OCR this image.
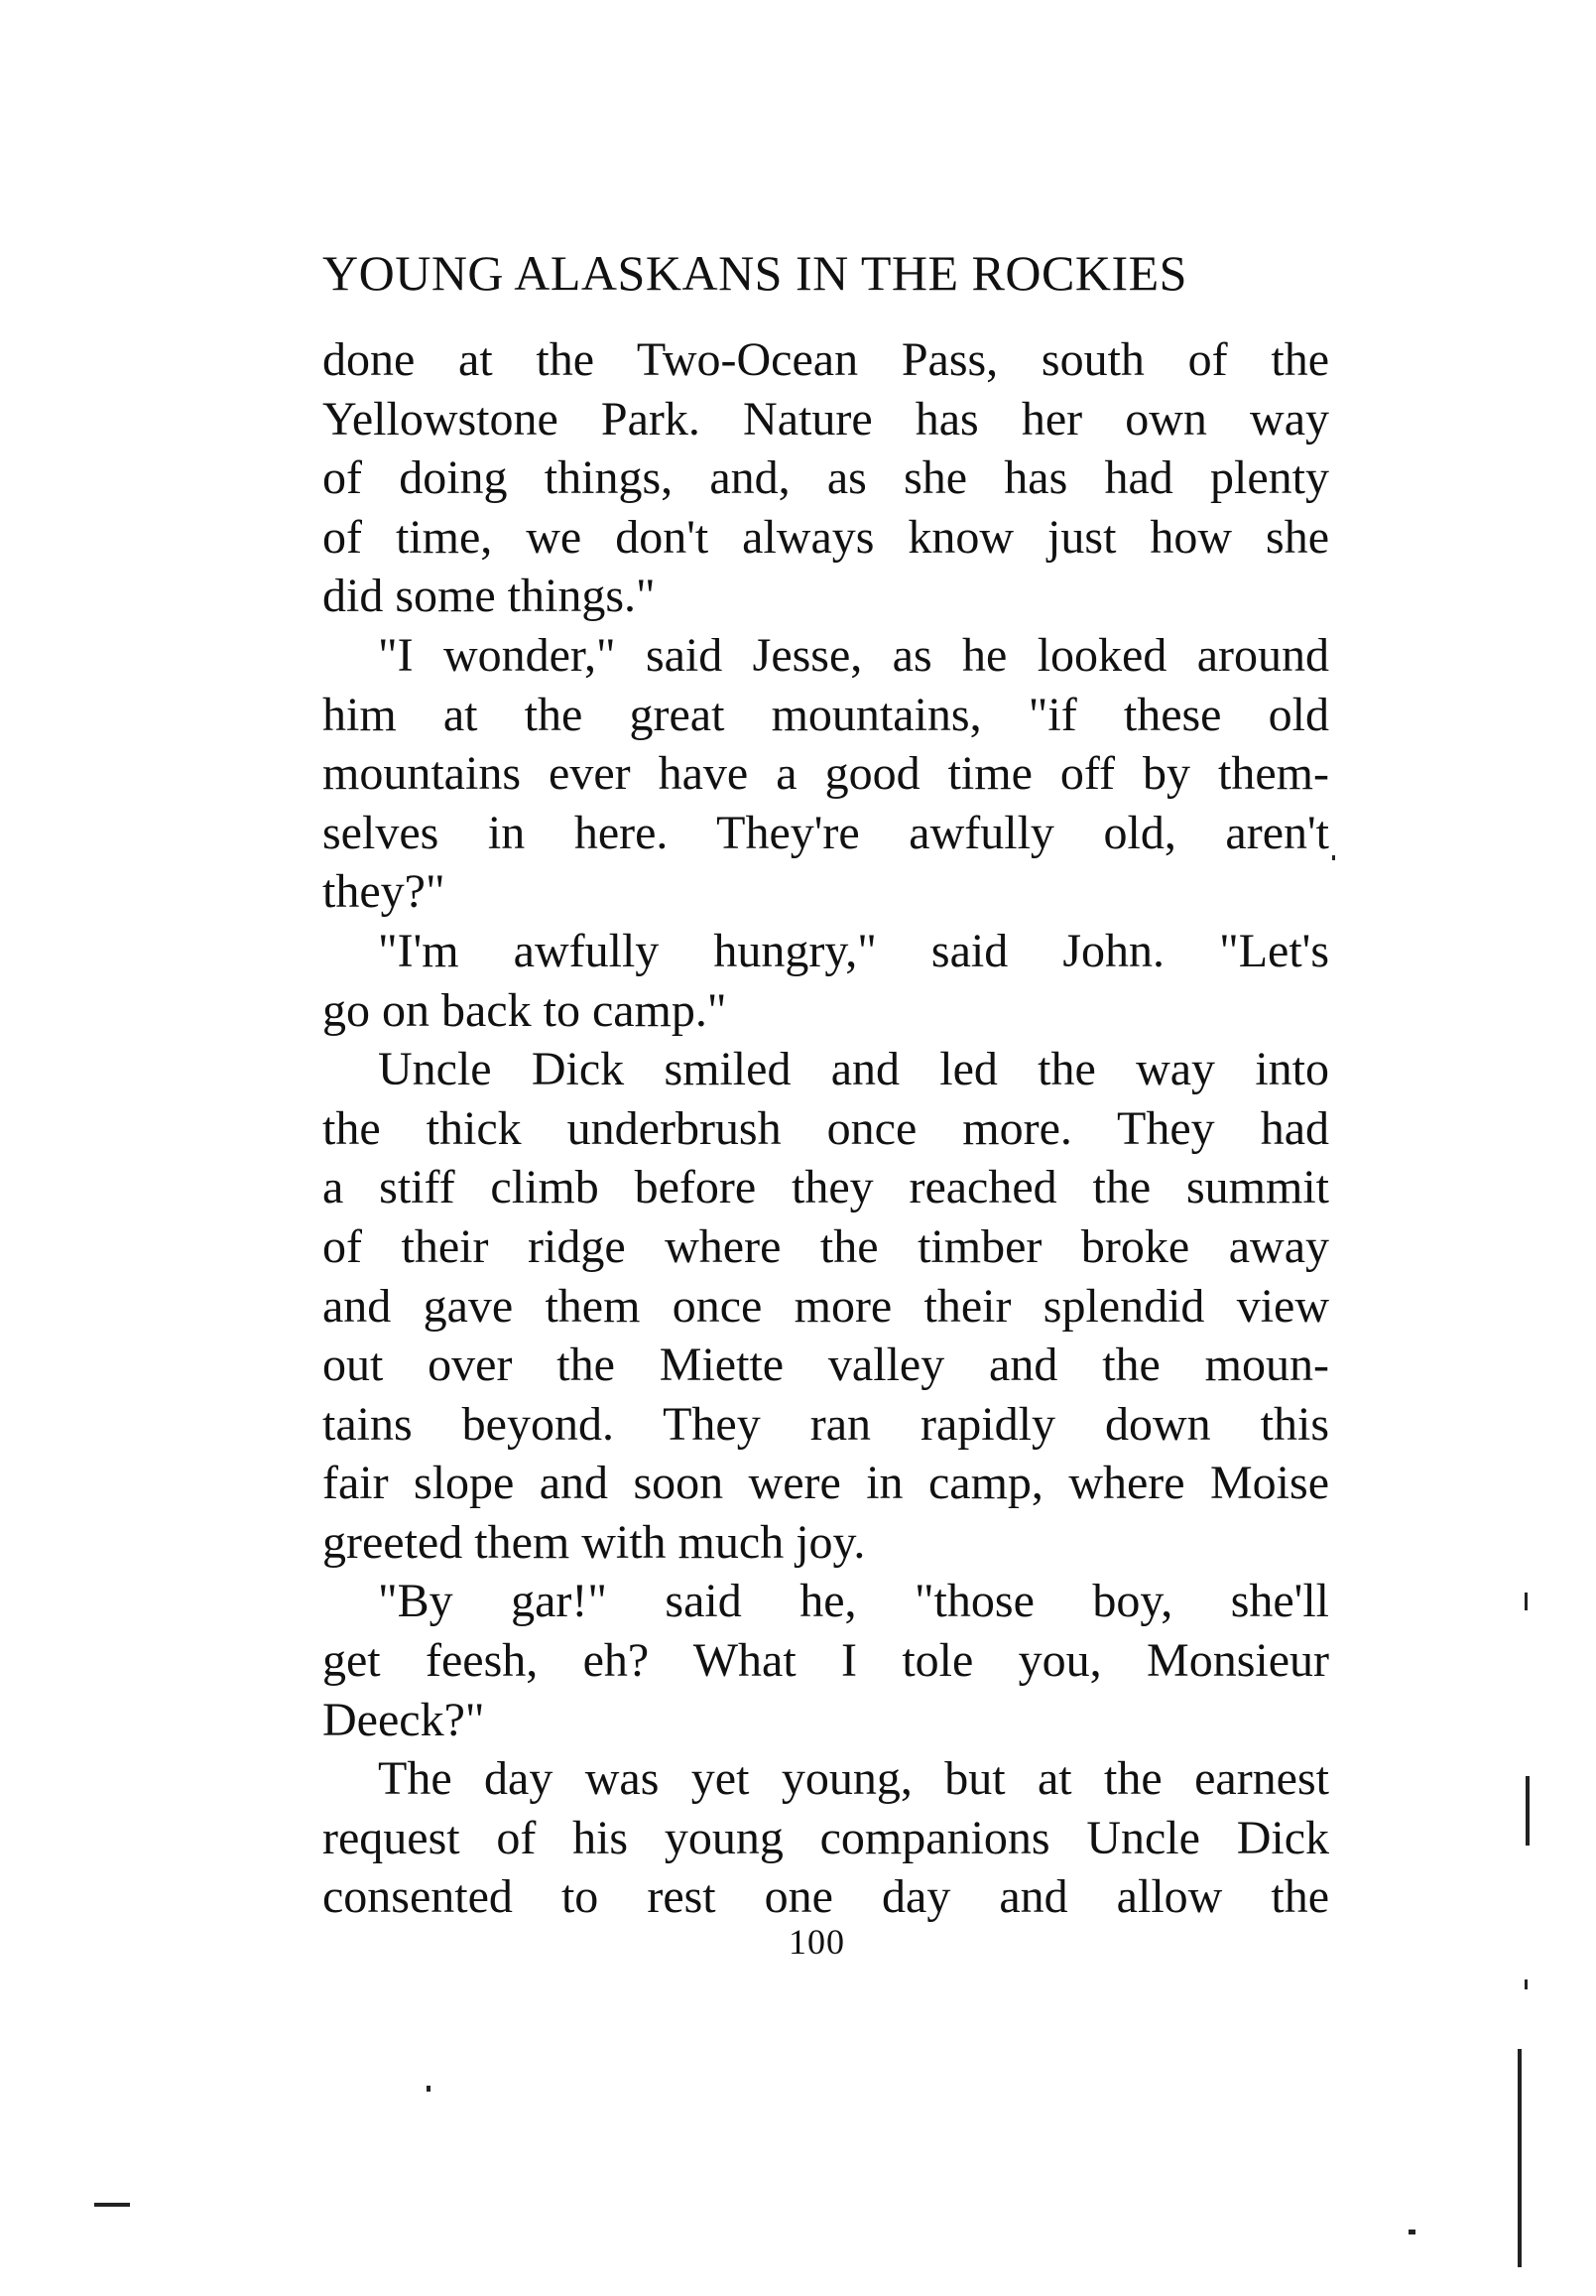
YOUNG ALASKANS IN THE ROCKIES
done at the Two-Ocean Pass, south of the
Yellowstone Park. Nature has her own way
of doing things, and, as she has had plenty
of time, we don't always know just how she
did some things."
"I wonder," said Jesse, as he looked around
him at the great mountains, "if these old
mountains ever have a good time off by them-
selves in here. They're awfully old, aren't
they?"
"I'm awfully hungry," said John. "Let's
go on back to camp."
Uncle Dick smiled and led the way into
the thick underbrush once more. They had
a stiff climb before they reached the summit
of their ridge where the timber broke away
and gave them once more their splendid view
out over the Miette valley and the moun-
tains beyond. They ran rapidly down this
fair slope and soon were in camp, where Moise
greeted them with much joy.
"By gar!" said he, "those boy, she'll
get feesh, eh? What I tole you, Monsieur
Deeck?"
The day was yet young, but at the earnest
request of his young companions Uncle Dick
consented to rest one day and allow the
100
